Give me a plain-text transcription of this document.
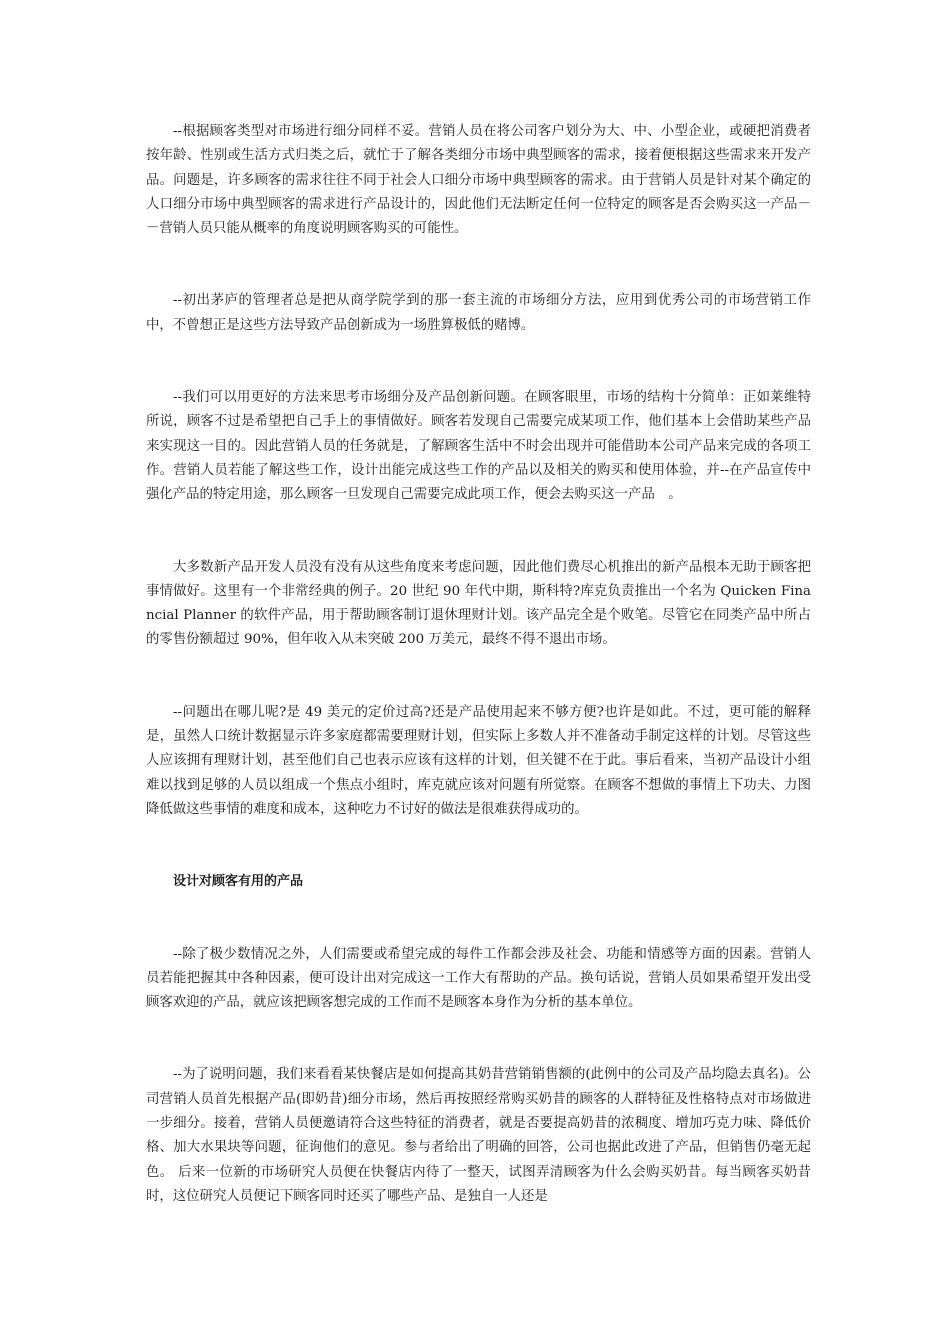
--根据顾客类型对市场进行细分同样不妥。营销人员在将公司客户划分为大、中、小型企业，或硬把消费者按年龄、性别或生活方式归类之后，就忙于了解各类细分市场中典型顾客的需求，接着便根据这些需求来开发产品。问题是，许多顾客的需求往往不同于社会人口细分市场中典型顾客的需求。由于营销人员是针对某个确定的人口细分市场中典型顾客的需求进行产品设计的，因此他们无法断定任何一位特定的顾客是否会购买这一产品－－营销人员只能从概率的角度说明顾客购买的可能性。

--初出茅庐的管理者总是把从商学院学到的那一套主流的市场细分方法，应用到优秀公司的市场营销工作中，不曾想正是这些方法导致产品创新成为一场胜算极低的赌博。

--我们可以用更好的方法来思考市场细分及产品创新问题。在顾客眼里，市场的结构十分简单：正如莱维特所说，顾客不过是希望把自己手上的事情做好。顾客若发现自己需要完成某项工作，他们基本上会借助某些产品来实现这一目的。因此营销人员的任务就是，了解顾客生活中不时会出现并可能借助本公司产品来完成的各项工作。营销人员若能了解这些工作，设计出能完成这些工作的产品以及相关的购买和使用体验，并--在产品宣传中强化产品的特定用途，那么顾客一旦发现自己需要完成此项工作，便会去购买这一产品　。

大多数新产品开发人员没有没有从这些角度来考虑问题，因此他们费尽心机推出的新产品根本无助于顾客把事情做好。这里有一个非常经典的例子。20 世纪 90 年代中期，斯科特?库克负责推出一个名为 Quicken Financial Planner 的软件产品，用于帮助顾客制订退休理财计划。该产品完全是个败笔。尽管它在同类产品中所占的零售份额超过 90%，但年收入从未突破 200 万美元，最终不得不退出市场。

--问题出在哪儿呢?是 49 美元的定价过高?还是产品使用起来不够方便?也许是如此。不过，更可能的解释是，虽然人口统计数据显示许多家庭都需要理财计划，但实际上多数人并不准备动手制定这样的计划。尽管这些人应该拥有理财计划，甚至他们自己也表示应该有这样的计划，但关键不在于此。事后看来，当初产品设计小组难以找到足够的人员以组成一个焦点小组时，库克就应该对问题有所觉察。在顾客不想做的事情上下功夫、力图降低做这些事情的难度和成本，这种吃力不讨好的做法是很难获得成功的。

设计对顾客有用的产品

--除了极少数情况之外，人们需要或希望完成的每件工作都会涉及社会、功能和情感等方面的因素。营销人员若能把握其中各种因素，便可设计出对完成这一工作大有帮助的产品。换句话说，营销人员如果希望开发出受顾客欢迎的产品，就应该把顾客想完成的工作而不是顾客本身作为分析的基本单位。

--为了说明问题，我们来看看某快餐店是如何提高其奶昔营销销售额的(此例中的公司及产品均隐去真名)。公司营销人员首先根据产品(即奶昔)细分市场，然后再按照经常购买奶昔的顾客的人群特征及性格特点对市场做进一步细分。接着，营销人员便邀请符合这些特征的消费者，就是否要提高奶昔的浓稠度、增加巧克力味、降低价格、加大水果块等问题，征询他们的意见。参与者给出了明确的回答，公司也据此改进了产品，但销售仍毫无起色。 后来一位新的市场研究人员便在快餐店内待了一整天，试图弄清顾客为什么会购买奶昔。每当顾客买奶昔时，这位研究人员便记下顾客同时还买了哪些产品、是独自一人还是
